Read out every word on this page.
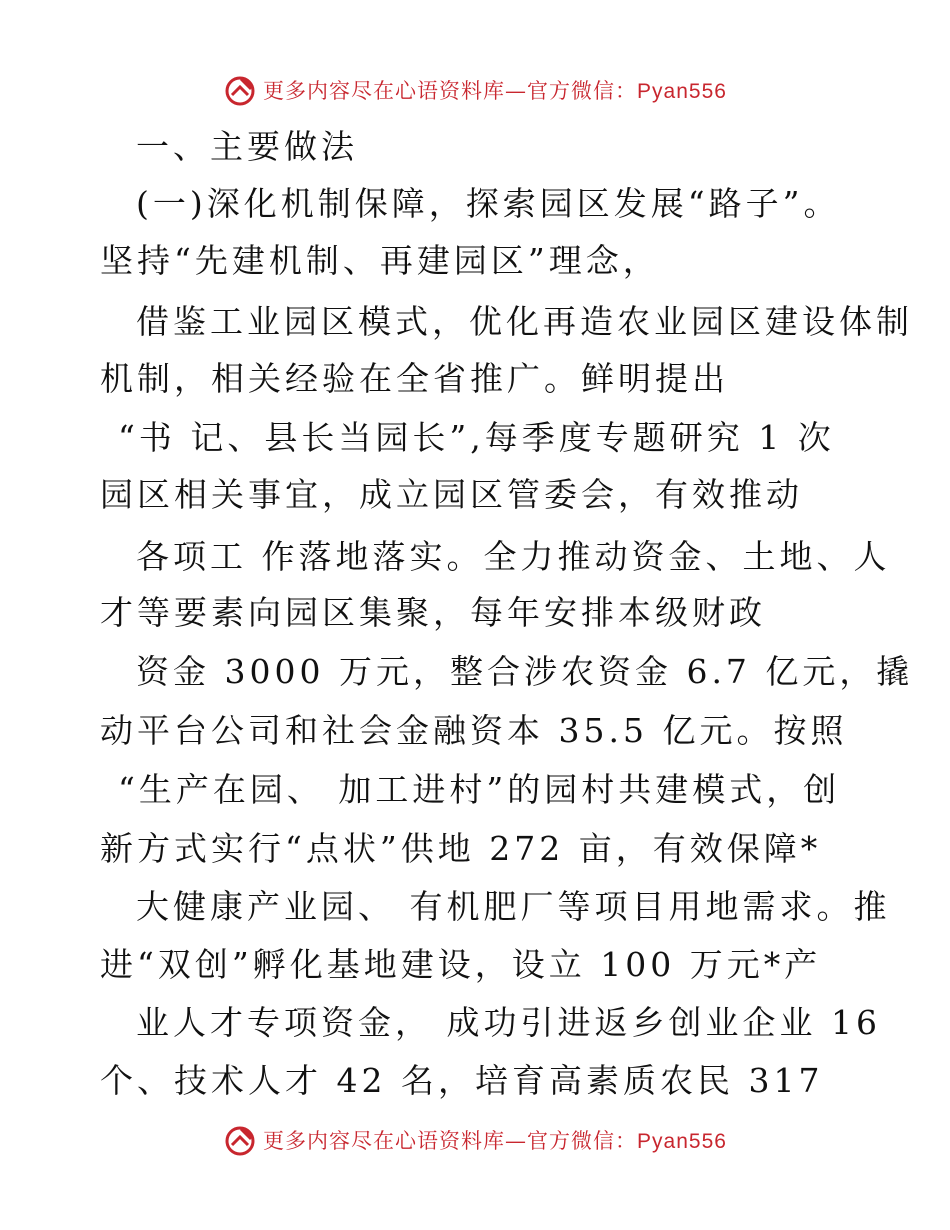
更多内容尽在心语资料库—官方微信：Pyan556
一、主要做法
(一)深化机制保障，探索园区发展“路子”。
坚持“先建机制、再建园区”理念，
借鉴工业园区模式，优化再造农业园区建设体制
机制，相关经验在全省推广。鲜明提出
“书 记、县长当园长”,每季度专题研究 1 次
园区相关事宜，成立园区管委会，有效推动
各项工 作落地落实。全力推动资金、土地、人
才等要素向园区集聚，每年安排本级财政
资金 3000 万元，整合涉农资金 6.7 亿元，撬
动平台公司和社会金融资本 35.5 亿元。按照
“生产在园、 加工进村”的园村共建模式，创
新方式实行“点状”供地 272 亩，有效保障*
大健康产业园、 有机肥厂等项目用地需求。推
进“双创”孵化基地建设，设立 100 万元*产
业人才专项资金， 成功引进返乡创业企业 16
个、技术人才 42 名，培育高素质农民 317
更多内容尽在心语资料库—官方微信：Pyan556
